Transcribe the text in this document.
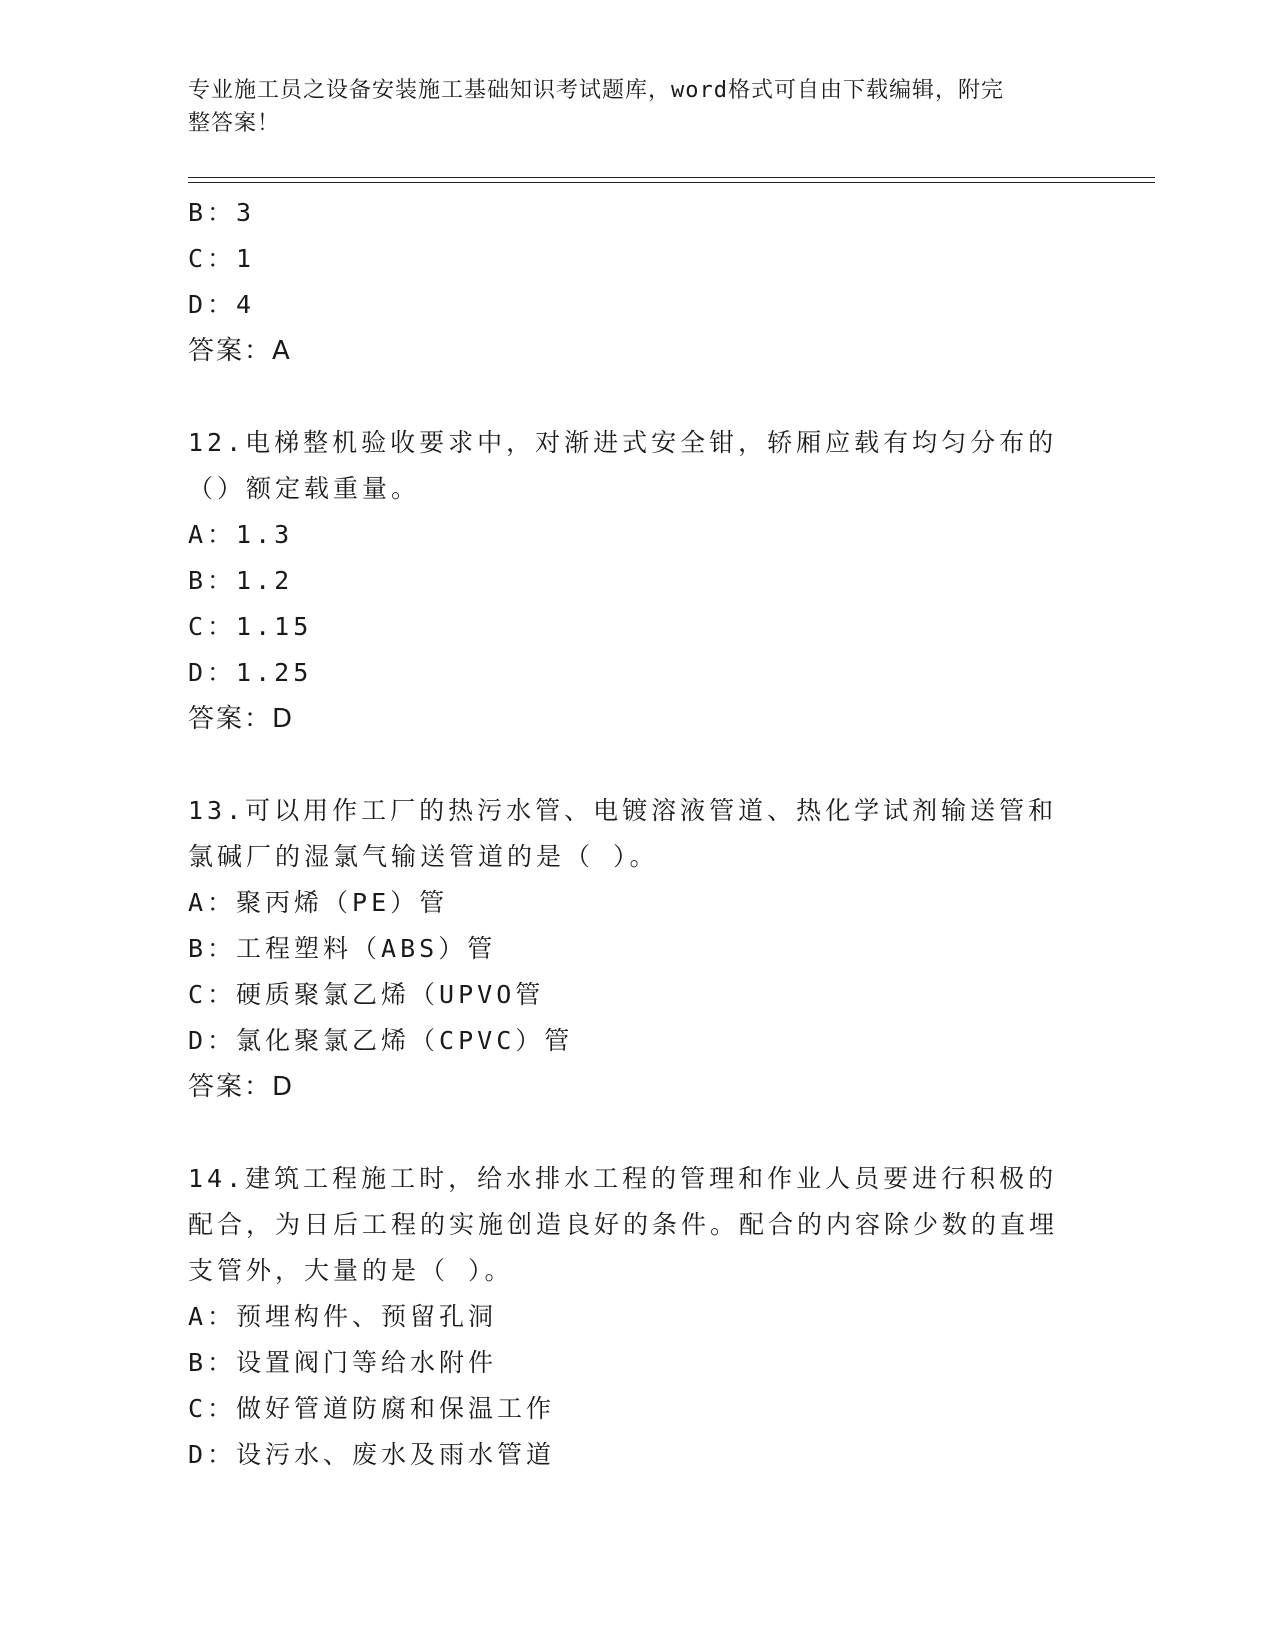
专业施工员之设备安装施工基础知识考试题库，word格式可自由下载编辑，附完
整答案！
B：3
C：1
D：4
答案：A
12.电梯整机验收要求中，对渐进式安全钳，轿厢应载有均匀分布的（）额定载重量。
A：1.3
B：1.2
C：1.15
D：1.25
答案：D
13.可以用作工厂的热污水管、电镀溶液管道、热化学试剂输送管和氯碱厂的湿氯气输送管道的是（ ）。
A：聚丙烯（PE）管
B：工程塑料（ABS）管
C：硬质聚氯乙烯（UPVO管
D：氯化聚氯乙烯（CPVC）管
答案：D
14.建筑工程施工时，给水排水工程的管理和作业人员要进行积极的配合，为日后工程的实施创造良好的条件。配合的内容除少数的直埋支管外，大量的是（ ）。
A：预埋构件、预留孔洞
B：设置阀门等给水附件
C：做好管道防腐和保温工作
D：设污水、废水及雨水管道
